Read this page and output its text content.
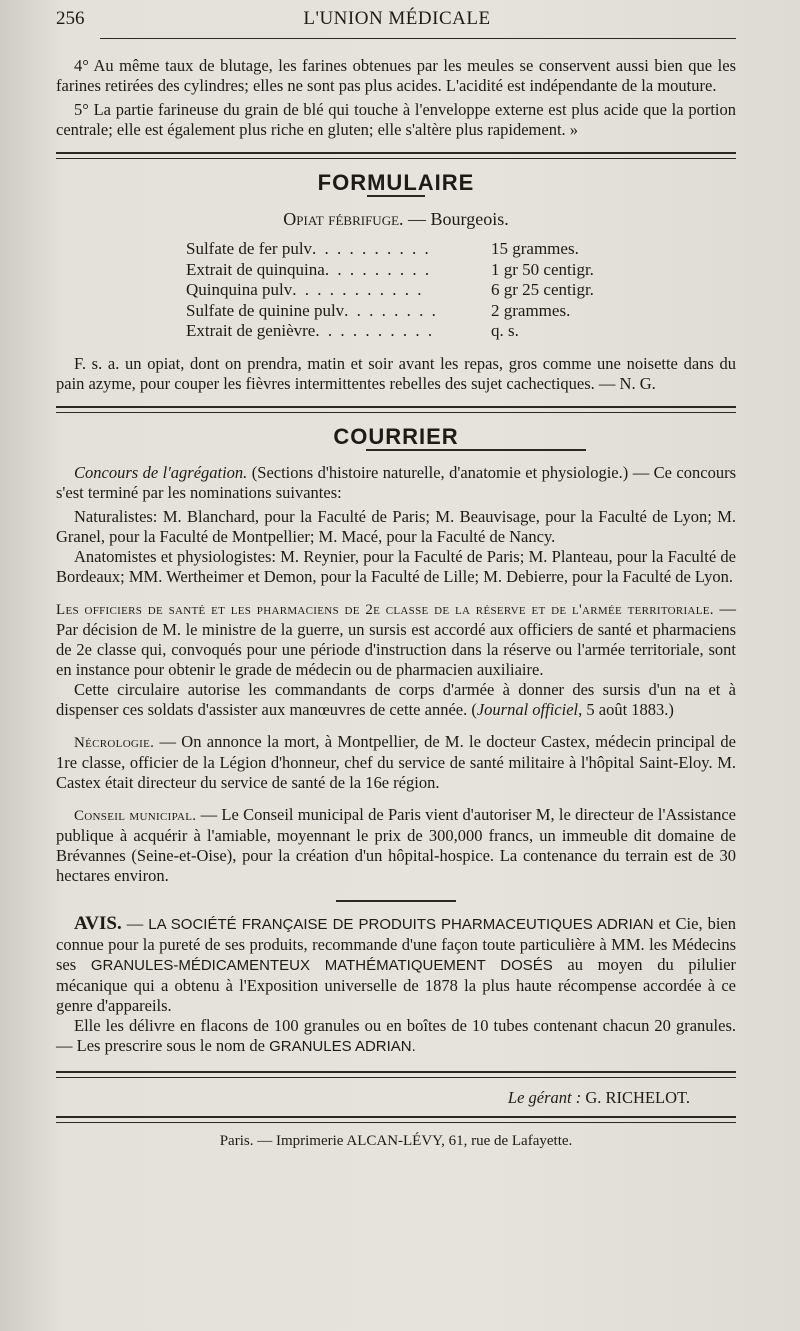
256	L'UNION MÉDICALE

4° Au même taux de blutage, les farines obtenues par les meules se conservent aussi bien que les farines retirées des cylindres; elles ne sont pas plus acides. L'acidité est indépendante de la mouture.

5° La partie farineuse du grain de blé qui touche à l'enveloppe externe est plus acide que la portion centrale; elle est également plus riche en gluten; elle s'altère plus rapidement. »

FORMULAIRE
Opiat fébrifuge. — Bourgeois.
Sulfate de fer pulv. . . . . . . . . .	15 grammes.
Extrait de quinquina. . . . . . . . .	1 gr 50 centigr.
Quinquina pulv. . . . . . . . . . .	6 gr 25 centigr.
Sulfate de quinine pulv. . . . . . . .	2 grammes.
Extrait de genièvre. . . . . . . . . .	q. s.

F. s. a. un opiat, dont on prendra, matin et soir avant les repas, gros comme une noisette dans du pain azyme, pour couper les fièvres intermittentes rebelles des sujet cachectiques. — N. G.

COURRIER

Concours de l'agrégation. (Sections d'histoire naturelle, d'anatomie et physiologie.) — Ce concours s'est terminé par les nominations suivantes:

Naturalistes: M. Blanchard, pour la Faculté de Paris; M. Beauvisage, pour la Faculté de Lyon; M. Granel, pour la Faculté de Montpellier; M. Macé, pour la Faculté de Nancy.

Anatomistes et physiologistes: M. Reynier, pour la Faculté de Paris; M. Planteau, pour la Faculté de Bordeaux; MM. Wertheimer et Demon, pour la Faculté de Lille; M. Debierre, pour la Faculté de Lyon.

Les officiers de santé et les pharmaciens de 2e classe de la réserve et de l'armée territoriale. — Par décision de M. le ministre de la guerre, un sursis est accordé aux officiers de santé et pharmaciens de 2e classe qui, convoqués pour une période d'instruction dans la réserve ou l'armée territoriale, sont en instance pour obtenir le grade de médecin ou de pharmacien auxiliaire.

Cette circulaire autorise les commandants de corps d'armée à donner des sursis d'un na et à dispenser ces soldats d'assister aux manœuvres de cette année. (Journal officiel, 5 août 1883.)

Nécrologie. — On annonce la mort, à Montpellier, de M. le docteur Castex, médecin principal de 1re classe, officier de la Légion d'honneur, chef du service de santé militaire à l'hôpital Saint-Eloy. M. Castex était directeur du service de santé de la 16e région.

Conseil municipal. — Le Conseil municipal de Paris vient d'autoriser M, le directeur de l'Assistance publique à acquérir à l'amiable, moyennant le prix de 300,000 francs, un immeuble dit domaine de Brévannes (Seine-et-Oise), pour la création d'un hôpital-hospice. La contenance du terrain est de 30 hectares environ.

AVIS. — LA SOCIÉTÉ FRANÇAISE DE PRODUITS PHARMACEUTIQUES ADRIAN et Cie, bien connue pour la pureté de ses produits, recommande d'une façon toute particulière à MM. les Médecins ses GRANULES-MÉDICAMENTEUX MATHÉMATIQUEMENT DOSÉS au moyen du pilulier mécanique qui a obtenu à l'Exposition universelle de 1878 la plus haute récompense accordée à ce genre d'appareils.

Elle les délivre en flacons de 100 granules ou en boîtes de 10 tubes contenant chacun 20 granules. — Les prescrire sous le nom de GRANULES ADRIAN.

Le gérant : G. RICHELOT.
Paris. — Imprimerie ALCAN-LÉVY, 61, rue de Lafayette.
